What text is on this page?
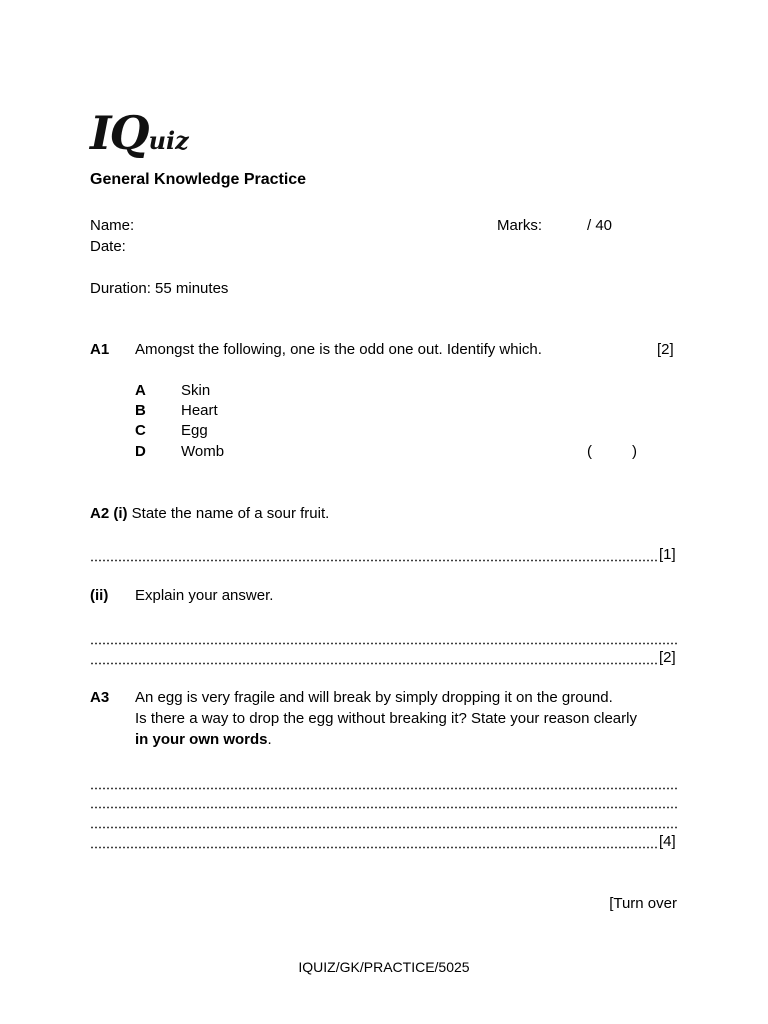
IQuiz
General Knowledge Practice
Name:
Date:
Marks:	/ 40
Duration: 55 minutes
A1 Amongst the following, one is the odd one out. Identify which.	[2]
A Skin
B Heart
C Egg
D Womb	(	)
A2 (i) State the name of a sour fruit.
[1]
(ii) Explain your answer.
[2]
A3 An egg is very fragile and will break by simply dropping it on the ground.
Is there a way to drop the egg without breaking it? State your reason clearly
in your own words.
[4]
[Turn over
IQUIZ/GK/PRACTICE/5025
